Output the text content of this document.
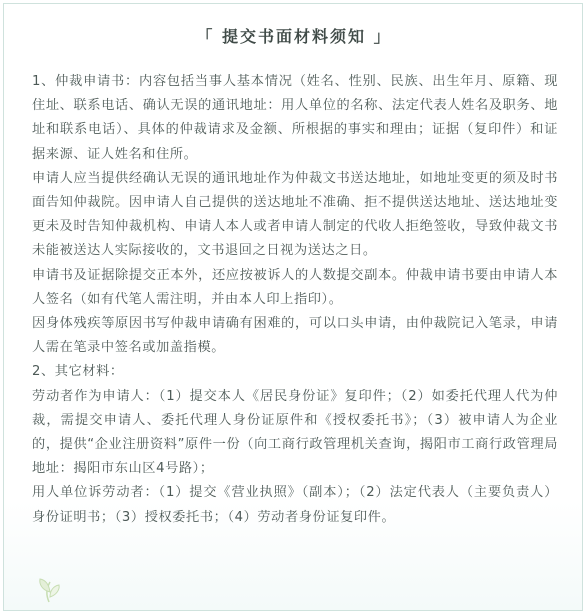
「 提交书面材料须知 」

1、仲裁申请书：内容包括当事人基本情况（姓名、性别、民族、出生年月、原籍、现住址、联系电话、确认无误的通讯地址：用人单位的名称、法定代表人姓名及职务、地址和联系电话）、具体的仲裁请求及金额、所根据的事实和理由；证据（复印件）和证据来源、证人姓名和住所。

申请人应当提供经确认无误的通讯地址作为仲裁文书送达地址，如地址变更的须及时书面告知仲裁院。因申请人自己提供的送达地址不准确、拒不提供送达地址、送达地址变更未及时告知仲裁机构、申请人本人或者申请人制定的代收人拒绝签收，导致仲裁文书未能被送达人实际接收的，文书退回之日视为送达之日。

申请书及证据除提交正本外，还应按被诉人的人数提交副本。仲裁申请书要由申请人本人签名（如有代笔人需注明，并由本人印上指印）。

因身体残疾等原因书写仲裁申请确有困难的，可以口头申请，由仲裁院记入笔录，申请人需在笔录中签名或加盖指模。

2、其它材料：

劳动者作为申请人：（1）提交本人《居民身份证》复印件；（2）如委托代理人代为仲裁，需提交申请人、委托代理人身份证原件和《授权委托书》；（3）被申请人为企业的，提供“企业注册资料”原件一份（向工商行政管理机关查询，揭阳市工商行政管理局地址：揭阳市东山区4号路）；

用人单位诉劳动者：（1）提交《营业执照》（副本）；（2）法定代表人（主要负责人）身份证明书；（3）授权委托书；（4）劳动者身份证复印件。
